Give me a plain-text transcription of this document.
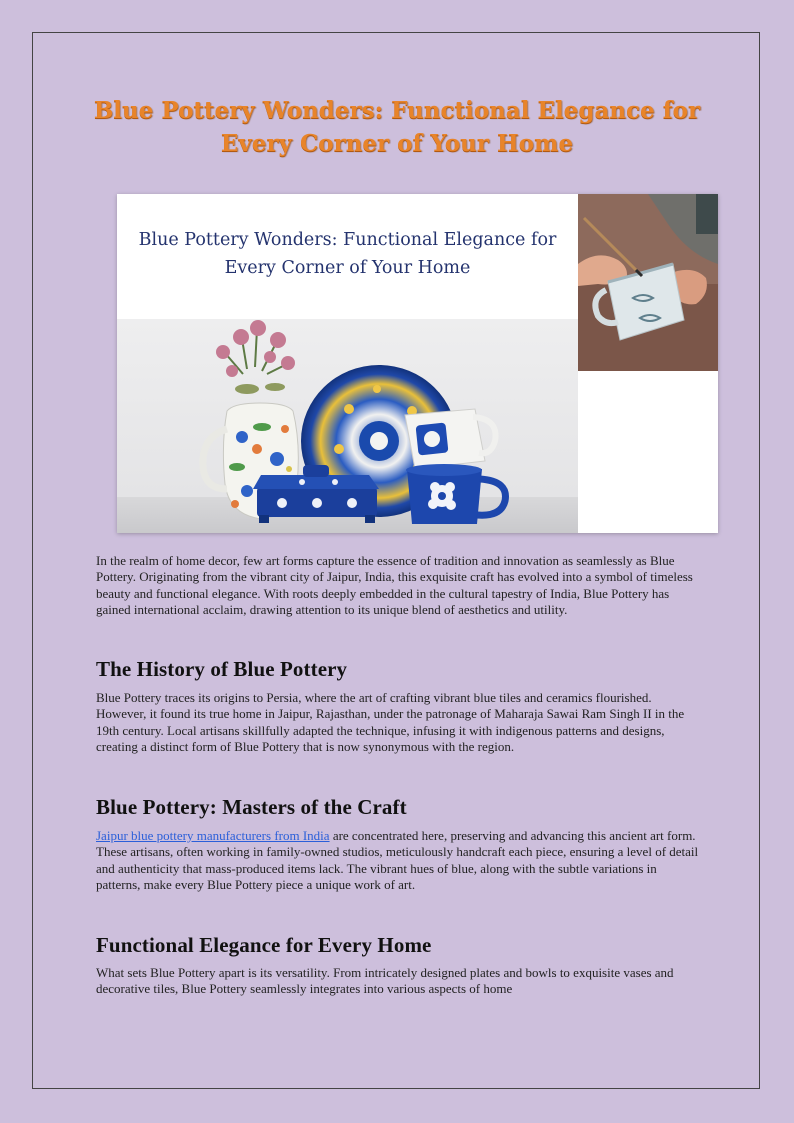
Blue Pottery Wonders: Functional Elegance for Every Corner of Your Home
Blue Pottery Wonders: Functional Elegance for Every Corner of Your Home

In the realm of home decor, few art forms capture the essence of tradition and innovation as seamlessly as Blue Pottery. Originating from the vibrant city of Jaipur, India, this exquisite craft has evolved into a symbol of timeless beauty and functional elegance. With roots deeply embedded in the cultural tapestry of India, Blue Pottery has gained international acclaim, drawing attention to its unique blend of aesthetics and utility.

The History of Blue Pottery

Blue Pottery traces its origins to Persia, where the art of crafting vibrant blue tiles and ceramics flourished. However, it found its true home in Jaipur, Rajasthan, under the patronage of Maharaja Sawai Ram Singh II in the 19th century. Local artisans skillfully adapted the technique, infusing it with indigenous patterns and designs, creating a distinct form of Blue Pottery that is now synonymous with the region.

Blue Pottery: Masters of the Craft

Jaipur blue pottery manufacturers from India are concentrated here, preserving and advancing this ancient art form. These artisans, often working in family-owned studios, meticulously handcraft each piece, ensuring a level of detail and authenticity that mass-produced items lack. The vibrant hues of blue, along with the subtle variations in patterns, make every Blue Pottery piece a unique work of art.

Functional Elegance for Every Home

What sets Blue Pottery apart is its versatility. From intricately designed plates and bowls to exquisite vases and decorative tiles, Blue Pottery seamlessly integrates into various aspects of home
